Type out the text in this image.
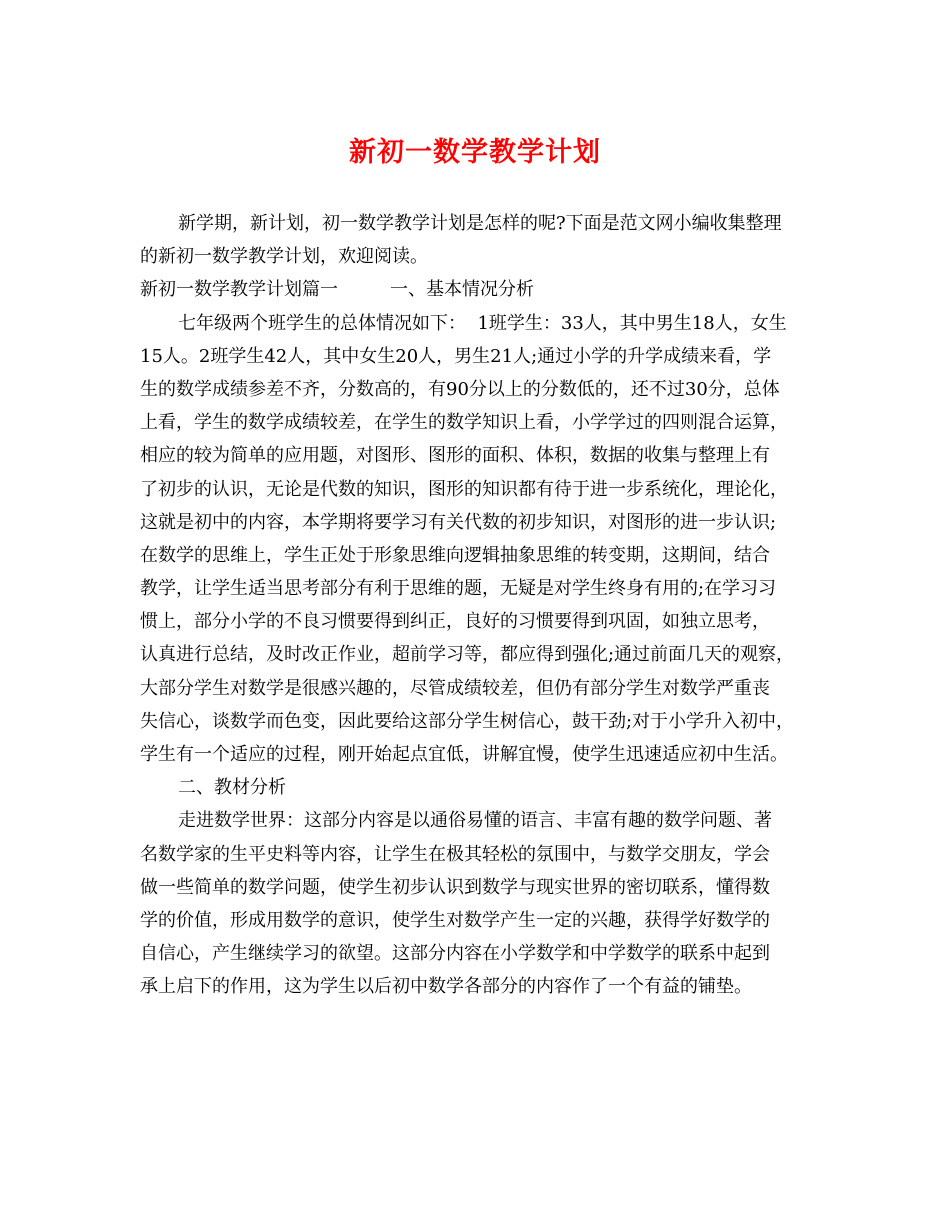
新初一数学教学计划
新学期，新计划，初一数学教学计划是怎样的呢?下面是范文网小编收集整理
的新初一数学教学计划，欢迎阅读。
新初一数学教学计划篇一	一、基本情况分析
七年级两个班学生的总体情况如下：  1班学生：33人，其中男生18人，女生
15人。2班学生42人，其中女生20人，男生21人;通过小学的升学成绩来看，学
生的数学成绩参差不齐，分数高的，有90分以上的分数低的，还不过30分，总体
上看，学生的数学成绩较差，在学生的数学知识上看，小学学过的四则混合运算，
相应的较为简单的应用题，对图形、图形的面积、体积，数据的收集与整理上有
了初步的认识，无论是代数的知识，图形的知识都有待于进一步系统化，理论化，
这就是初中的内容，本学期将要学习有关代数的初步知识，对图形的进一步认识;
在数学的思维上，学生正处于形象思维向逻辑抽象思维的转变期，这期间，结合
教学，让学生适当思考部分有利于思维的题，无疑是对学生终身有用的;在学习习
惯上，部分小学的不良习惯要得到纠正，良好的习惯要得到巩固，如独立思考，
认真进行总结，及时改正作业，超前学习等，都应得到强化;通过前面几天的观察，
大部分学生对数学是很感兴趣的，尽管成绩较差，但仍有部分学生对数学严重丧
失信心，谈数学而色变，因此要给这部分学生树信心，鼓干劲;对于小学升入初中，
学生有一个适应的过程，刚开始起点宜低，讲解宜慢，使学生迅速适应初中生活。
二、教材分析
走进数学世界：这部分内容是以通俗易懂的语言、丰富有趣的数学问题、著
名数学家的生平史料等内容，让学生在极其轻松的氛围中，与数学交朋友，学会
做一些简单的数学问题，使学生初步认识到数学与现实世界的密切联系，懂得数
学的价值，形成用数学的意识，使学生对数学产生一定的兴趣，获得学好数学的
自信心，产生继续学习的欲望。这部分内容在小学数学和中学数学的联系中起到
承上启下的作用，这为学生以后初中数学各部分的内容作了一个有益的铺垫。
